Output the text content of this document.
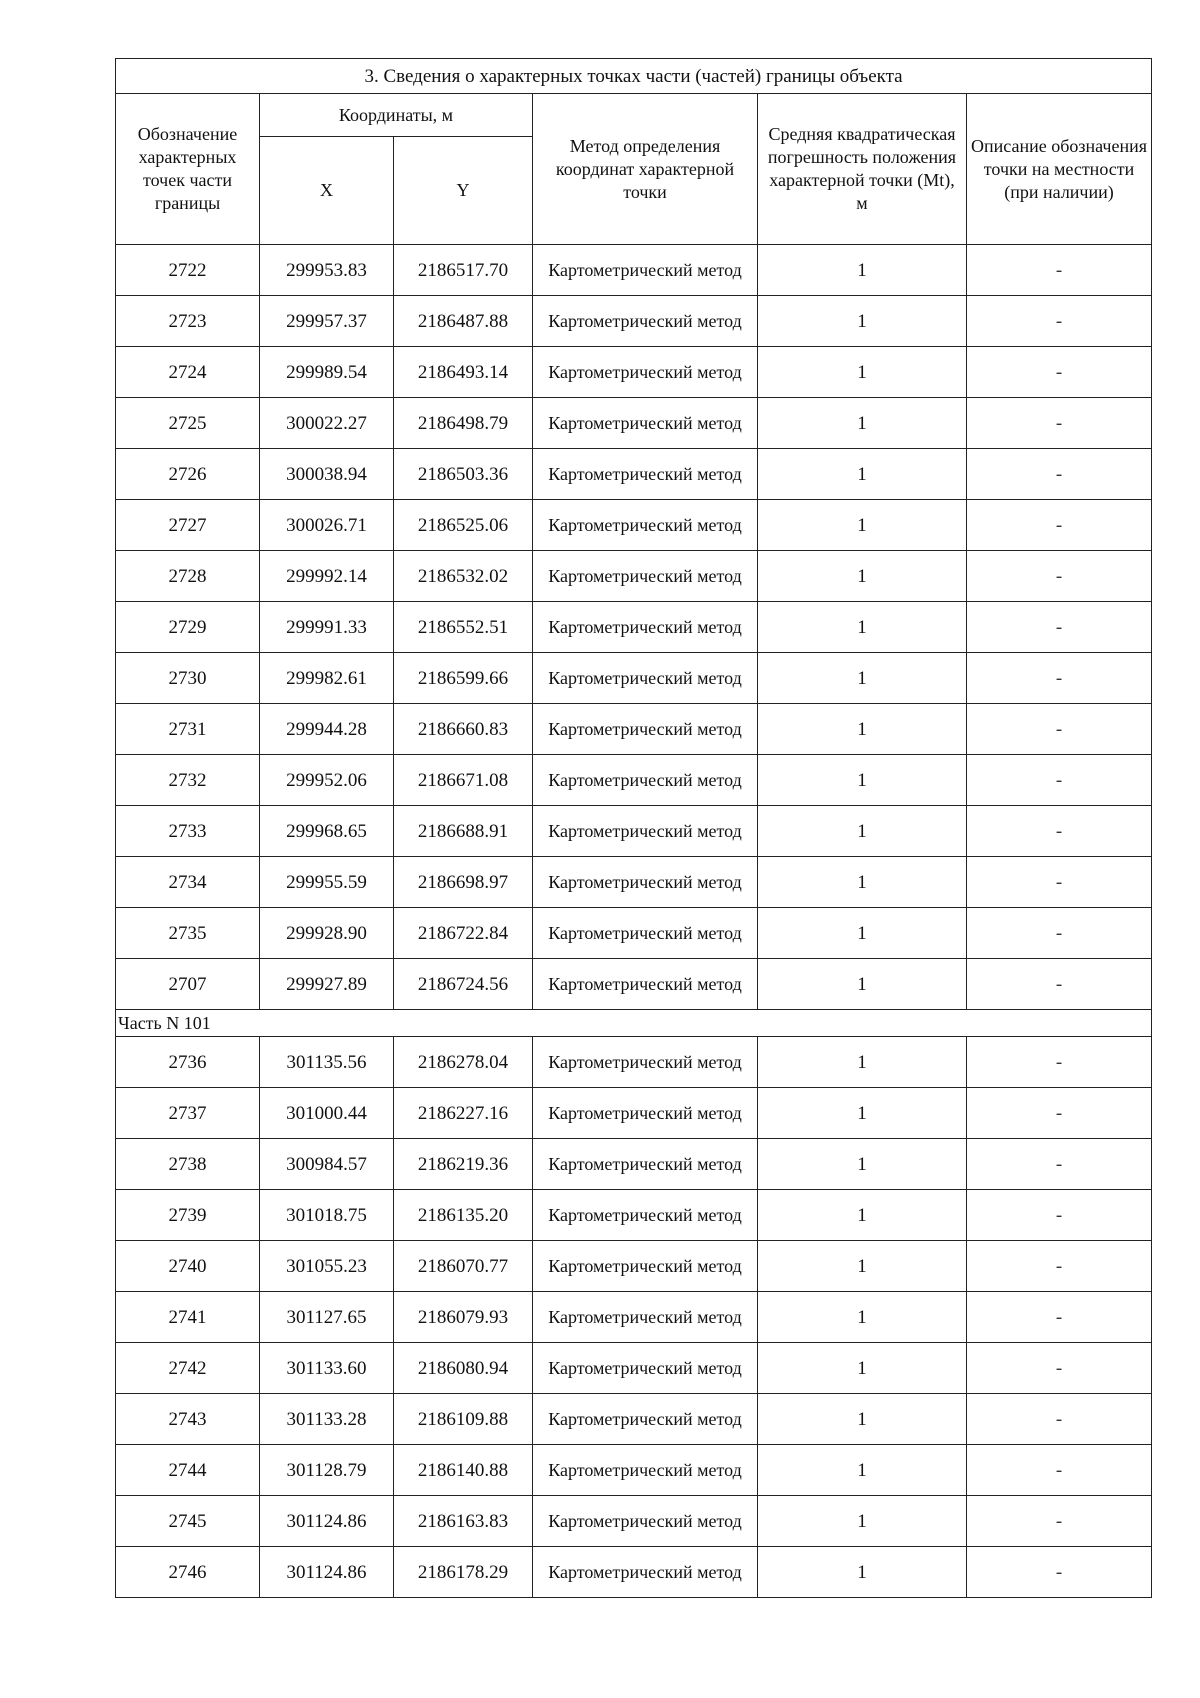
3. Сведения о характерных точках части (частей) границы объекта					
Обозначение характерных точек части границы	Координаты, м		Метод определения координат характерной точки	Средняя квадратическая погрешность положения характерной точки (Mt), м	Описание обозначения точки на местности (при наличии)
	X	Y			
2722	299953.83	2186517.70	Картометрический метод	1	-
2723	299957.37	2186487.88	Картометрический метод	1	-
2724	299989.54	2186493.14	Картометрический метод	1	-
2725	300022.27	2186498.79	Картометрический метод	1	-
2726	300038.94	2186503.36	Картометрический метод	1	-
2727	300026.71	2186525.06	Картометрический метод	1	-
2728	299992.14	2186532.02	Картометрический метод	1	-
2729	299991.33	2186552.51	Картометрический метод	1	-
2730	299982.61	2186599.66	Картометрический метод	1	-
2731	299944.28	2186660.83	Картометрический метод	1	-
2732	299952.06	2186671.08	Картометрический метод	1	-
2733	299968.65	2186688.91	Картометрический метод	1	-
2734	299955.59	2186698.97	Картометрический метод	1	-
2735	299928.90	2186722.84	Картометрический метод	1	-
2707	299927.89	2186724.56	Картометрический метод	1	-
Часть N 101					
2736	301135.56	2186278.04	Картометрический метод	1	-
2737	301000.44	2186227.16	Картометрический метод	1	-
2738	300984.57	2186219.36	Картометрический метод	1	-
2739	301018.75	2186135.20	Картометрический метод	1	-
2740	301055.23	2186070.77	Картометрический метод	1	-
2741	301127.65	2186079.93	Картометрический метод	1	-
2742	301133.60	2186080.94	Картометрический метод	1	-
2743	301133.28	2186109.88	Картометрический метод	1	-
2744	301128.79	2186140.88	Картометрический метод	1	-
2745	301124.86	2186163.83	Картометрический метод	1	-
2746	301124.86	2186178.29	Картометрический метод	1	-
